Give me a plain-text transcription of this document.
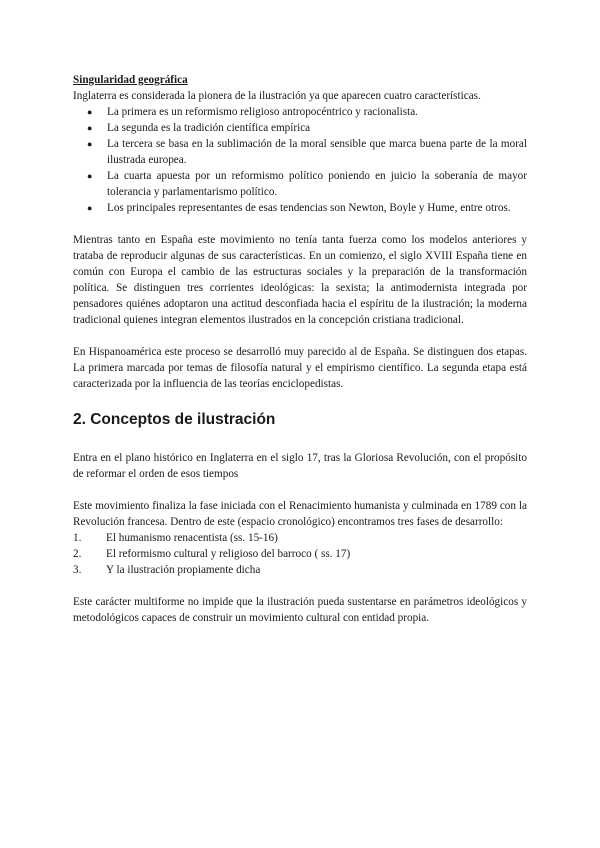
Singularidad geográfica

Inglaterra es considerada la pionera de la ilustración ya que aparecen cuatro características.

● La primera es un reformismo religioso antropocéntrico y racionalista.
● La segunda es la tradición científica empírica
● La tercera se basa en la sublimación de la moral sensible que marca buena parte de la moral ilustrada europea.
● La cuarta apuesta por un reformismo político poniendo en juicio la soberanía de mayor tolerancia y parlamentarismo político.
● Los principales representantes de esas tendencias son Newton, Boyle y Hume, entre otros.

Mientras tanto en España este movimiento no tenía tanta fuerza como los modelos anteriores y trataba de reproducir algunas de sus características. En un comienzo, el siglo XVIII España tiene en común con Europa el cambio de las estructuras sociales y la preparación de la transformación política. Se distinguen tres corrientes ideológicas: la sexista; la antimodernista integrada por pensadores quiénes adoptaron una actitud desconfiada hacia el espíritu de la ilustración; la moderna tradicional quienes integran elementos ilustrados en la concepción cristiana tradicional.

En Hispanoamérica este proceso se desarrolló muy parecido al de España. Se distinguen dos etapas. La primera marcada por temas de filosofía natural y el empirismo científico. La segunda etapa está caracterizada por la influencia de las teorías enciclopedistas.

2. Conceptos de ilustración

Entra en el plano histórico en Inglaterra en el siglo 17, tras la Gloriosa Revolución, con el propósito de reformar el orden de esos tiempos

Este movimiento finaliza la fase iniciada con el Renacimiento humanista y culminada en 1789 con la Revolución francesa. Dentro de este (espacio cronológico) encontramos tres fases de desarrollo:

1.	El humanismo renacentista (ss. 15-16)
2.	El reformismo cultural y religioso del barroco ( ss. 17)
3.	Y la ilustración propiamente dicha

Este carácter multiforme no impide que la ilustración pueda sustentarse en parámetros ideológicos y metodológicos capaces de construir un movimiento cultural con entidad propia.
